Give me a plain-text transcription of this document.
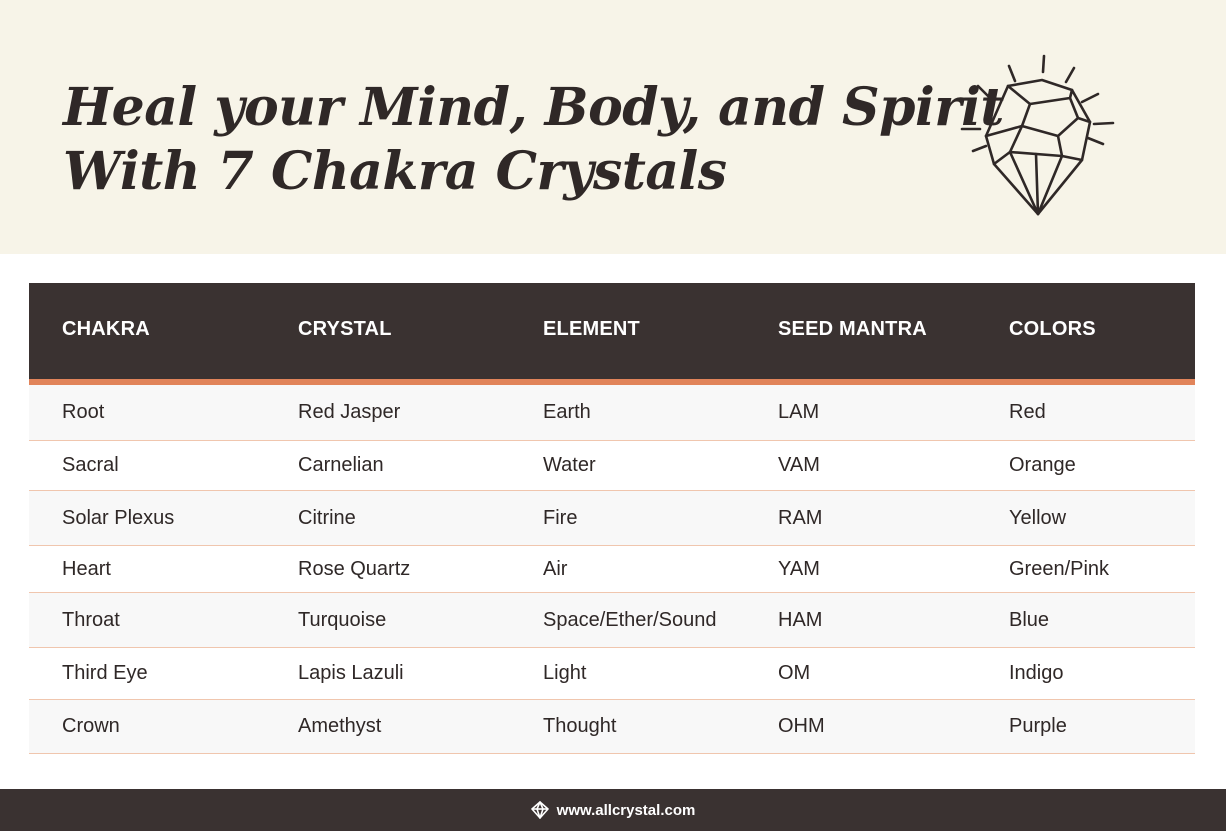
Heal your Mind, Body, and Spirit
With 7 Chakra Crystals
CHAKRA	CRYSTAL	ELEMENT	SEED MANTRA	COLORS
Root	Red Jasper	Earth	LAM	Red
Sacral	Carnelian	Water	VAM	Orange
Solar Plexus	Citrine	Fire	RAM	Yellow
Heart	Rose Quartz	Air	YAM	Green/Pink
Throat	Turquoise	Space/Ether/Sound	HAM	Blue
Third Eye	Lapis Lazuli	Light	OM	Indigo
Crown	Amethyst	Thought	OHM	Purple
www.allcrystal.com
